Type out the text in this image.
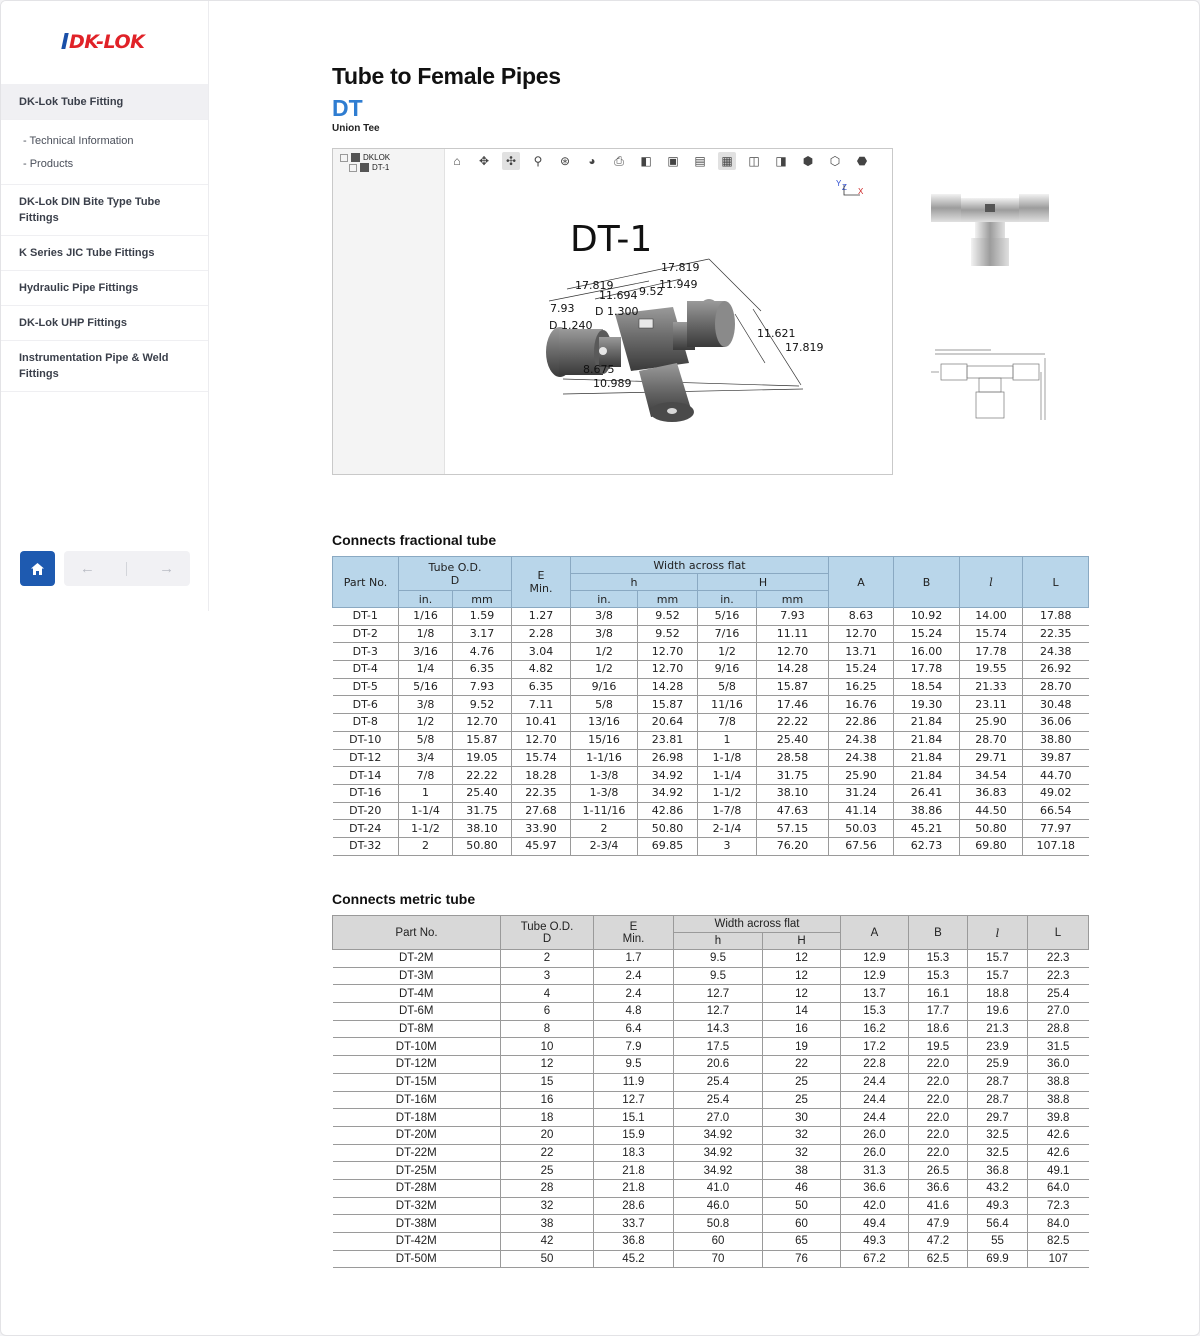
DK-LOK
DK-Lok Tube Fitting
- Technical Information
- Products
DK-Lok DIN Bite Type Tube Fittings
K Series JIC Tube Fittings
Hydraulic Pipe Fittings
DK-Lok UHP Fittings
Instrumentation Pipe & Weld Fittings
←	→
Tube to Female Pipes
DT
Union Tee
DKLOK
DT-1	⌂	✥	✣	⚲	⊛	◕	⎙	◧ ▣ ▤ ▦ ◫ ◨	⬢	⬡	⬣
Y Z X
DT-1
17.819
17.819
11.694
11.949
9.52
7.93
D 1.240
D 1.300
11.621
17.819
8.675
10.989
Connects fractional tube
Part No.	Tube O.D.
D		E
Min.	Width across flat				A	B	l	L
				h		H					
	in.	mm		in.	mm	in.	mm				
DT-1	1/16	1.59	1.27	3/8	9.52	5/16	7.93	8.63	10.92	14.00	17.88
DT-2	1/8	3.17	2.28	3/8	9.52	7/16	11.11	12.70	15.24	15.74	22.35
DT-3	3/16	4.76	3.04	1/2	12.70	1/2	12.70	13.71	16.00	17.78	24.38
DT-4	1/4	6.35	4.82	1/2	12.70	9/16	14.28	15.24	17.78	19.55	26.92
DT-5	5/16	7.93	6.35	9/16	14.28	5/8	15.87	16.25	18.54	21.33	28.70
DT-6	3/8	9.52	7.11	5/8	15.87	11/16	17.46	16.76	19.30	23.11	30.48
DT-8	1/2	12.70	10.41	13/16	20.64	7/8	22.22	22.86	21.84	25.90	36.06
DT-10	5/8	15.87	12.70	15/16	23.81	1	25.40	24.38	21.84	28.70	38.80
DT-12	3/4	19.05	15.74	1-1/16	26.98	1-1/8	28.58	24.38	21.84	29.71	39.87
DT-14	7/8	22.22	18.28	1-3/8	34.92	1-1/4	31.75	25.90	21.84	34.54	44.70
DT-16	1	25.40	22.35	1-3/8	34.92	1-1/2	38.10	31.24	26.41	36.83	49.02
DT-20	1-1/4	31.75	27.68	1-11/16	42.86	1-7/8	47.63	41.14	38.86	44.50	66.54
DT-24	1-1/2	38.10	33.90	2	50.80	2-1/4	57.15	50.03	45.21	50.80	77.97
DT-32	2	50.80	45.97	2-3/4	69.85	3	76.20	67.56	62.73	69.80	107.18
Connects metric tube
Part No.	Tube O.D.
D	E
Min.	Width across flat		A	B	l	L
			h	H				
DT-2M	2	1.7	9.5	12	12.9	15.3	15.7	22.3
DT-3M	3	2.4	9.5	12	12.9	15.3	15.7	22.3
DT-4M	4	2.4	12.7	12	13.7	16.1	18.8	25.4
DT-6M	6	4.8	12.7	14	15.3	17.7	19.6	27.0
DT-8M	8	6.4	14.3	16	16.2	18.6	21.3	28.8
DT-10M	10	7.9	17.5	19	17.2	19.5	23.9	31.5
DT-12M	12	9.5	20.6	22	22.8	22.0	25.9	36.0
DT-15M	15	11.9	25.4	25	24.4	22.0	28.7	38.8
DT-16M	16	12.7	25.4	25	24.4	22.0	28.7	38.8
DT-18M	18	15.1	27.0	30	24.4	22.0	29.7	39.8
DT-20M	20	15.9	34.92	32	26.0	22.0	32.5	42.6
DT-22M	22	18.3	34.92	32	26.0	22.0	32.5	42.6
DT-25M	25	21.8	34.92	38	31.3	26.5	36.8	49.1
DT-28M	28	21.8	41.0	46	36.6	36.6	43.2	64.0
DT-32M	32	28.6	46.0	50	42.0	41.6	49.3	72.3
DT-38M	38	33.7	50.8	60	49.4	47.9	56.4	84.0
DT-42M	42	36.8	60	65	49.3	47.2	55	82.5
DT-50M	50	45.2	70	76	67.2	62.5	69.9	107
